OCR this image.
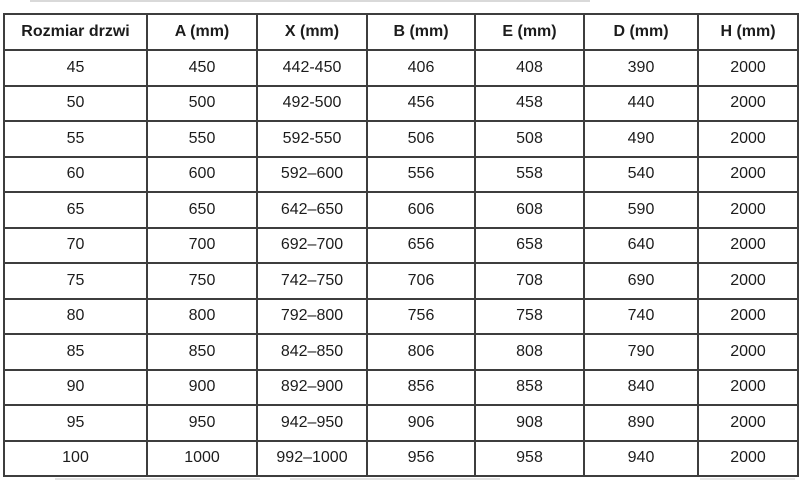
Rozmiar drzwi	A (mm)	X (mm)	B (mm)	E (mm)	D (mm)	H (mm)
45	450	442-450	406	408	390	2000
50	500	492-500	456	458	440	2000
55	550	592-550	506	508	490	2000
60	600	592–600	556	558	540	2000
65	650	642–650	606	608	590	2000
70	700	692–700	656	658	640	2000
75	750	742–750	706	708	690	2000
80	800	792–800	756	758	740	2000
85	850	842–850	806	808	790	2000
90	900	892–900	856	858	840	2000
95	950	942–950	906	908	890	2000
100	1000	992–1000	956	958	940	2000
